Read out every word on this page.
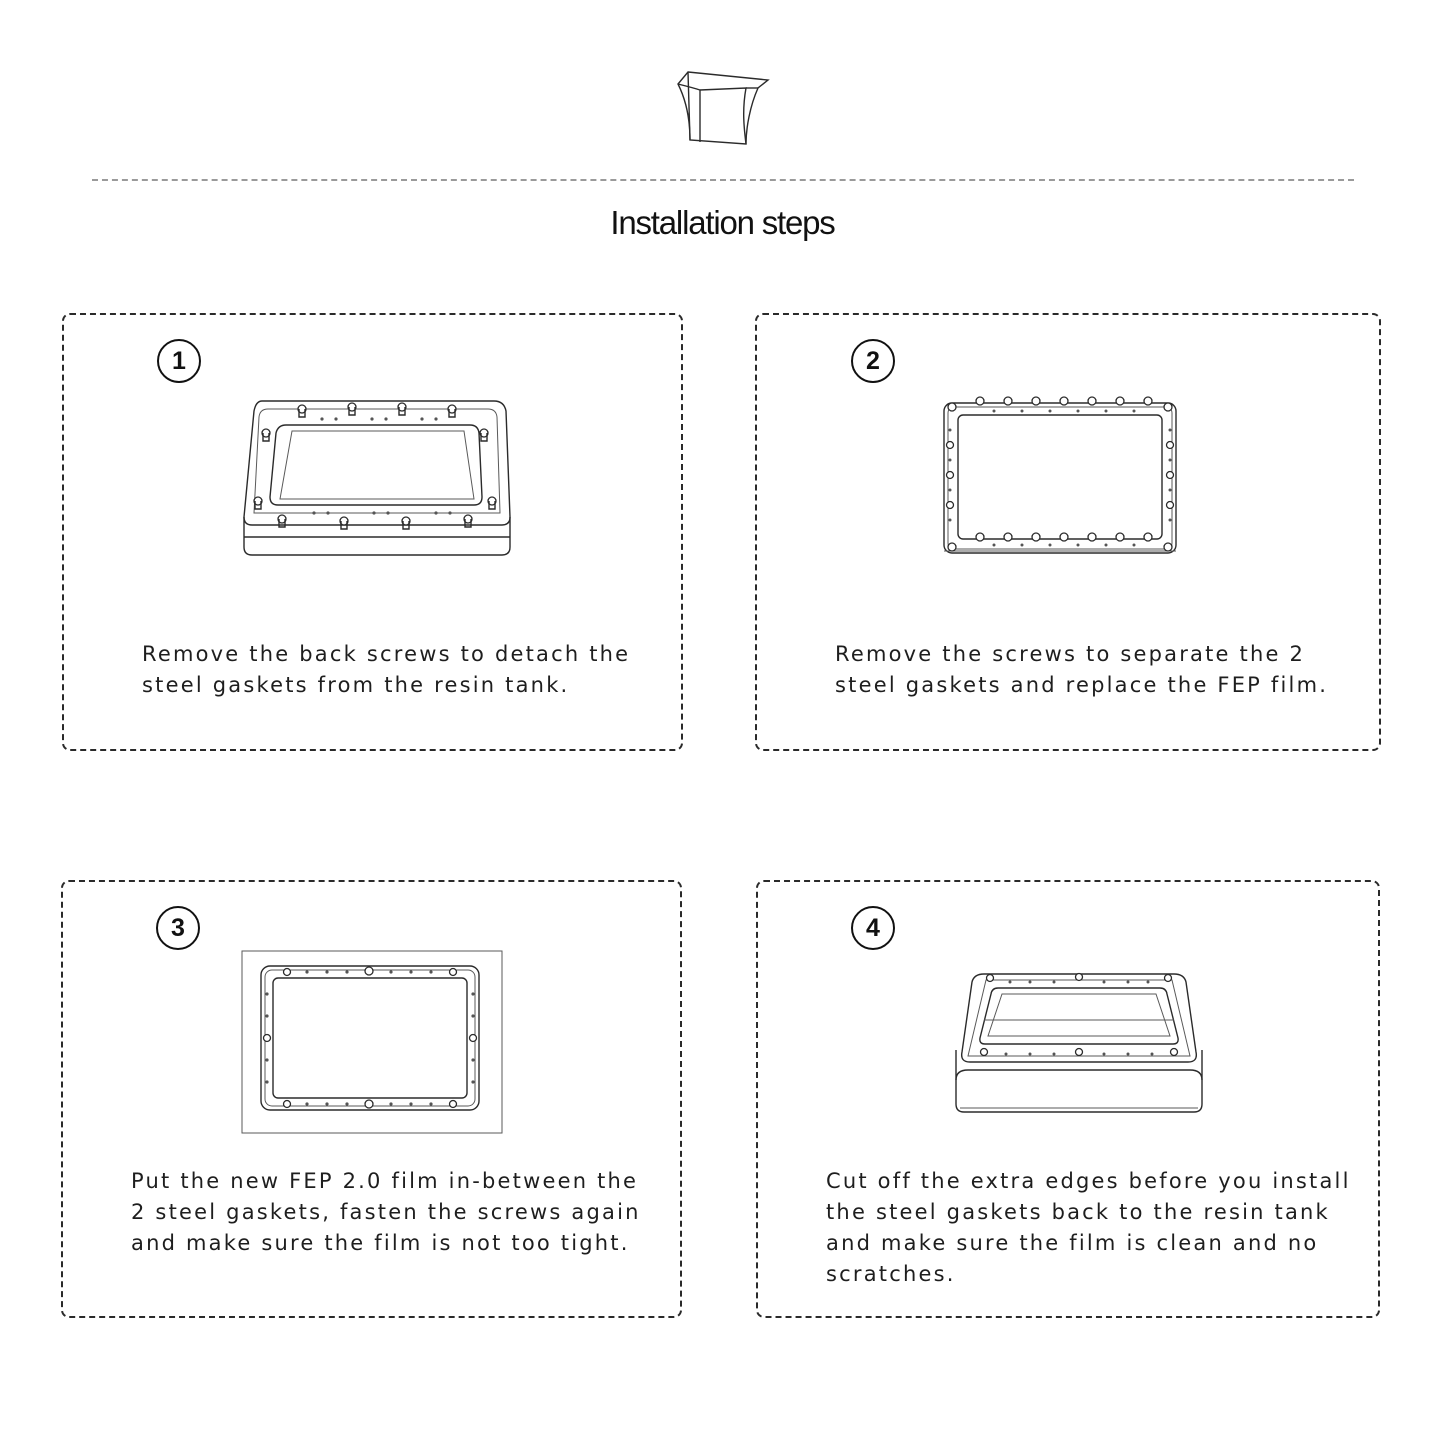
Installation steps
1

Remove the back screws to detach the steel gaskets from the resin tank.

2

Remove the screws to separate the 2 steel gaskets and replace the FEP film.

3

Put the new FEP 2.0 film in-between the 2 steel gaskets, fasten the screws again and make sure the film is not too tight.

4

Cut off the extra edges before you install the steel gaskets back to the resin tank and make sure the film is clean and no scratches.
